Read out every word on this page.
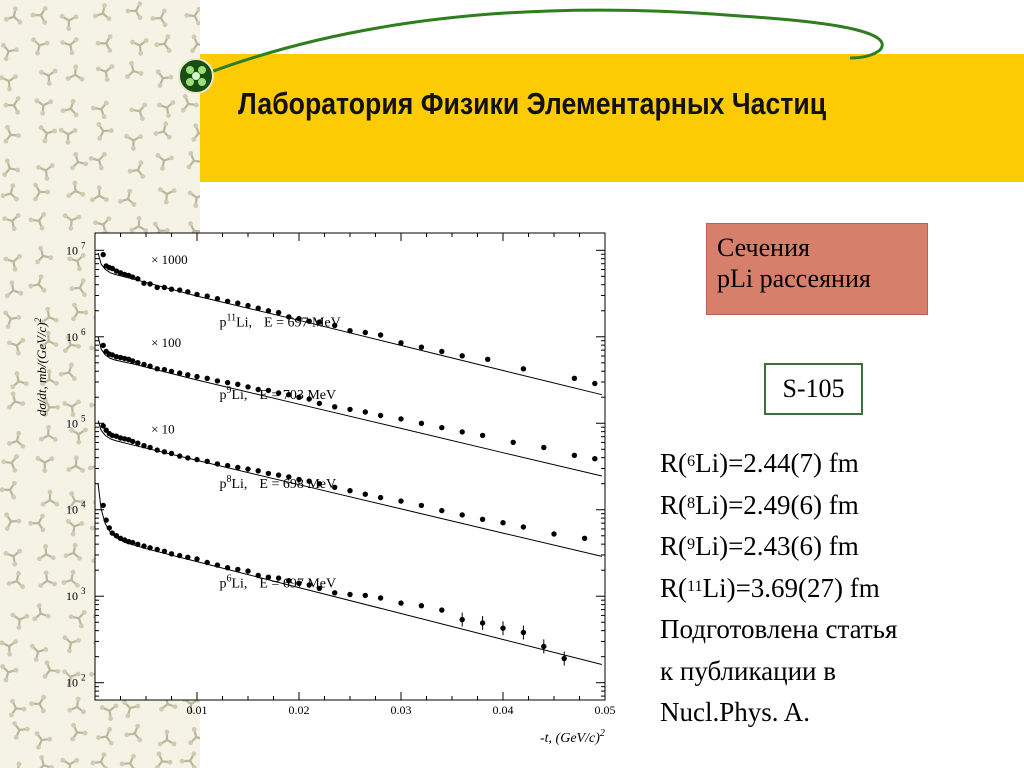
Лаборатория Физики Элементарных Частиц
0.01	0.02	0.03	0.04	0.05
10 $^2$
10 $^3$
10 $^4$
10 $^5$
10 $^6$
10 $^7$
$p^{11}Li$, E = 697 MeV
× 1000
$p^9Li$, E = 703 MeV
× 100
$p^8Li$, E = 698 MeV
× 10
$p^6Li$, E = 697 MeV
dσ/dt, $mb/(GeV/c)^2$
-t, $(GeV/c)^2$
Сечения
pLi рассеяния
S-105
R($^6$Li)=2.44(7) fm
R($^8$Li)=2.49(6) fm
R($^9$Li)=2.43(6) fm
R($^{11}$Li)=3.69(27) fm
Подготовлена статья
к публикации в
Nucl.Phys. A.
